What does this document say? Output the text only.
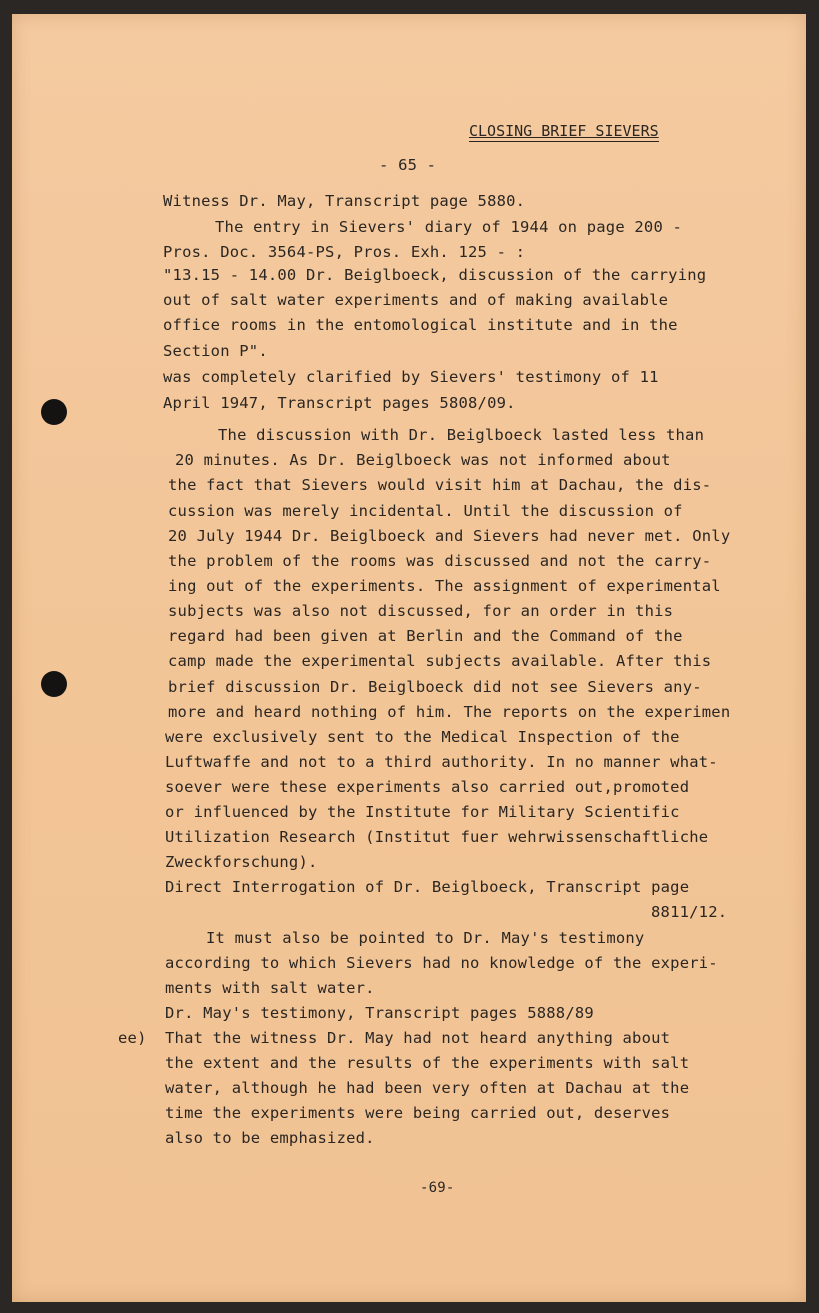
CLOSING BRIEF SIEVERS
- 65 -
Witness Dr. May, Transcript page 5880.
The entry in Sievers' diary of 1944 on page 200 -
Pros. Doc. 3564-PS, Pros. Exh. 125 - :
"13.15 - 14.00 Dr. Beiglboeck, discussion of the carrying
out of salt water experiments and of making available
office rooms in the entomological institute and in the
Section P".
was completely clarified by Sievers' testimony of 11
April 1947, Transcript pages 5808/09.
The discussion with Dr. Beiglboeck lasted less than
20 minutes. As Dr. Beiglboeck was not informed about
the fact that Sievers would visit him at Dachau, the dis-
cussion was merely incidental. Until the discussion of
20 July 1944 Dr. Beiglboeck and Sievers had never met. Only
the problem of the rooms was discussed and not the carry-
ing out of the experiments. The assignment of experimental
subjects was also not discussed, for an order in this
regard had been given at Berlin and the Command of the
camp made the experimental subjects available. After this
brief discussion Dr. Beiglboeck did not see Sievers any-
more and heard nothing of him. The reports on the experimen
were exclusively sent to the Medical Inspection of the
Luftwaffe and not to a third authority. In no manner what-
soever were these experiments also carried out,promoted
or influenced by the Institute for Military Scientific
Utilization Research (Institut fuer wehrwissenschaftliche
Zweckforschung).
Direct Interrogation of Dr. Beiglboeck, Transcript page
8811/12.
It must also be pointed to Dr. May's testimony
according to which Sievers had no knowledge of the experi-
ments with salt water.
Dr. May's testimony, Transcript pages 5888/89
ee) That the witness Dr. May had not heard anything about
the extent and the results of the experiments with salt
water, although he had been very often at Dachau at the
time the experiments were being carried out, deserves
also to be emphasized.
-69-
